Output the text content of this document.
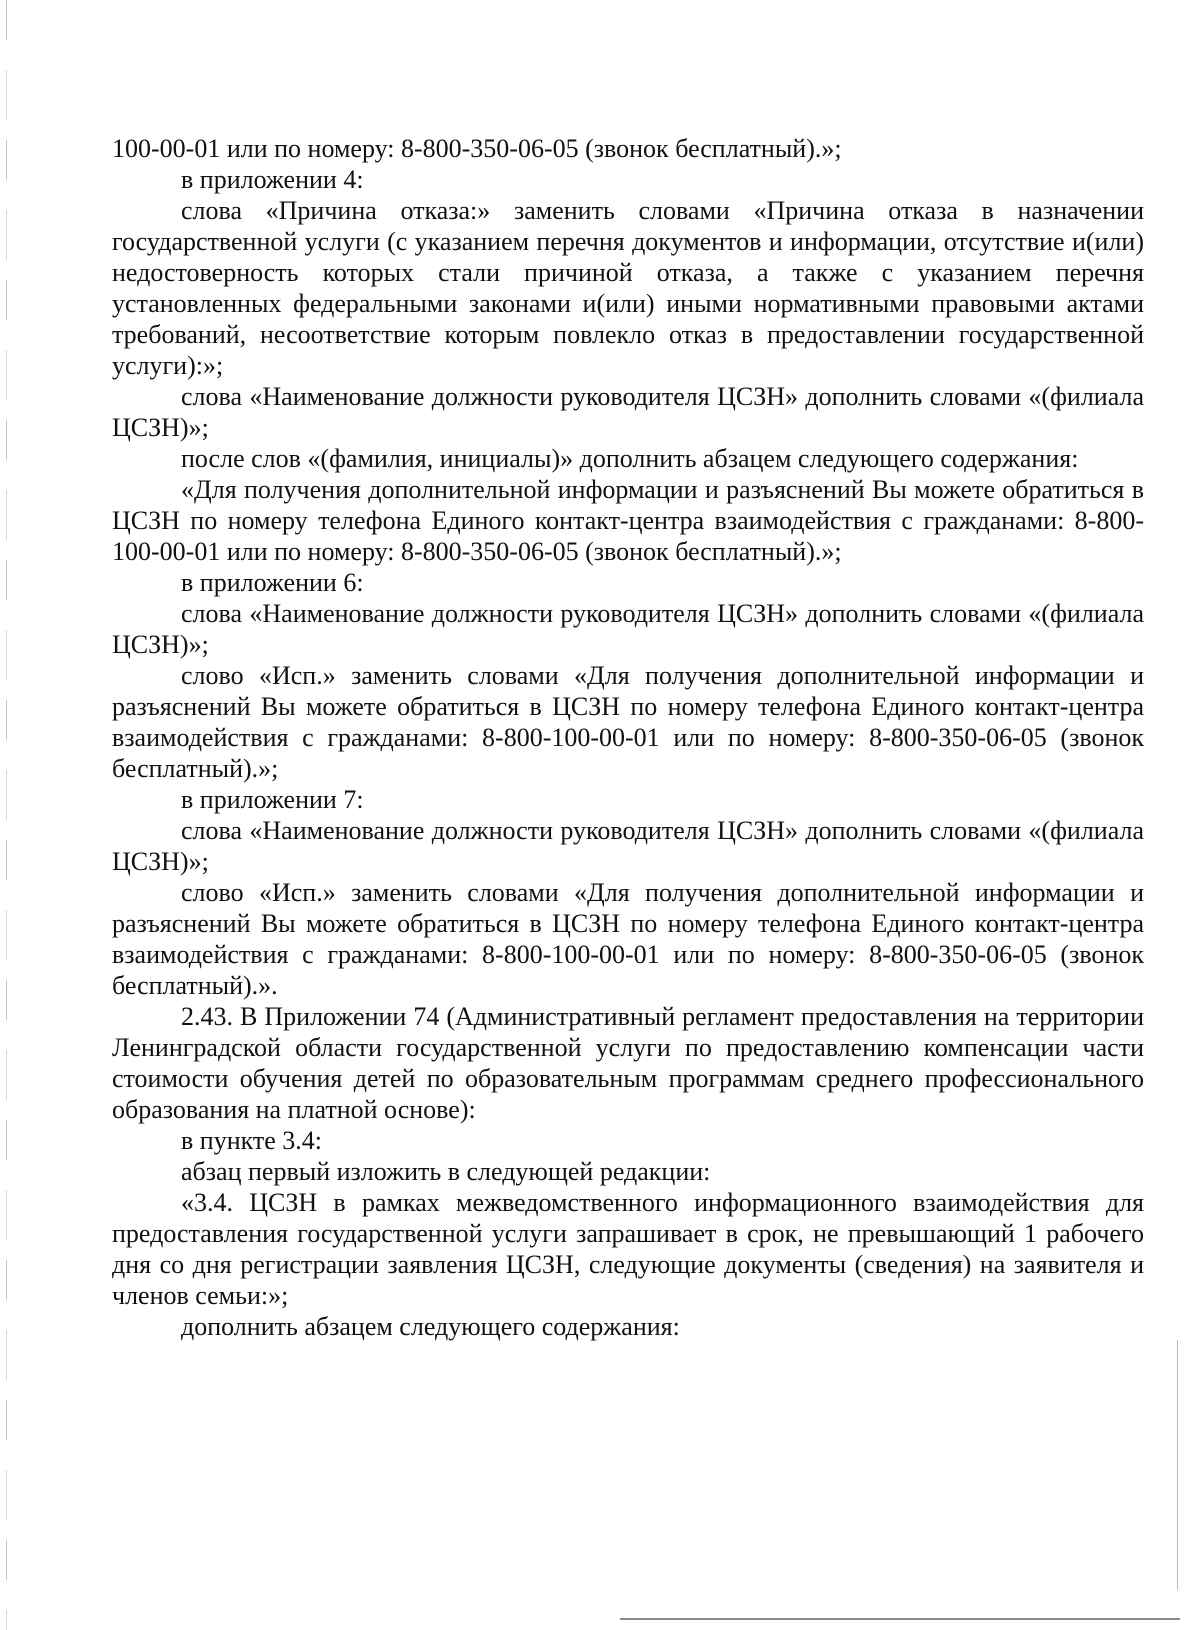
100-00-01 или по номеру: 8-800-350-06-05 (звонок бесплатный).»;

в приложении 4:

слова «Причина отказа:» заменить словами «Причина отказа в назначении государственной услуги (с указанием перечня документов и информации, отсутствие и(или) недостоверность которых стали причиной отказа, а также с указанием перечня установленных федеральными законами и(или) иными нормативными правовыми актами требований, несоответствие которым повлекло отказ в предоставлении государственной услуги):»;

слова «Наименование должности руководителя ЦСЗН» дополнить словами «(филиала ЦСЗН)»;

после слов «(фамилия, инициалы)» дополнить абзацем следующего содержания:

«Для получения дополнительной информации и разъяснений Вы можете обратиться в ЦСЗН по номеру телефона Единого контакт-центра взаимодействия с гражданами: 8-800-100-00-01 или по номеру: 8-800-350-06-05 (звонок бесплатный).»;

в приложении 6:

слова «Наименование должности руководителя ЦСЗН» дополнить словами «(филиала ЦСЗН)»;

слово «Исп.» заменить словами «Для получения дополнительной информации и разъяснений Вы можете обратиться в ЦСЗН по номеру телефона Единого контакт-центра взаимодействия с гражданами: 8-800-100-00-01 или по номеру: 8-800-350-06-05 (звонок бесплатный).»;

в приложении 7:

слова «Наименование должности руководителя ЦСЗН» дополнить словами «(филиала ЦСЗН)»;

слово «Исп.» заменить словами «Для получения дополнительной информации и разъяснений Вы можете обратиться в ЦСЗН по номеру телефона Единого контакт-центра взаимодействия с гражданами: 8-800-100-00-01 или по номеру: 8-800-350-06-05 (звонок бесплатный).».

2.43. В Приложении 74 (Административный регламент предоставления на территории Ленинградской области государственной услуги по предоставлению компенсации части стоимости обучения детей по образовательным программам среднего профессионального образования на платной основе):

в пункте 3.4:

абзац первый изложить в следующей редакции:

«3.4. ЦСЗН в рамках межведомственного информационного взаимодействия для предоставления государственной услуги запрашивает в срок, не превышающий 1 рабочего дня со дня регистрации заявления ЦСЗН, следующие документы (сведения) на заявителя и членов семьи:»;

дополнить абзацем следующего содержания:
